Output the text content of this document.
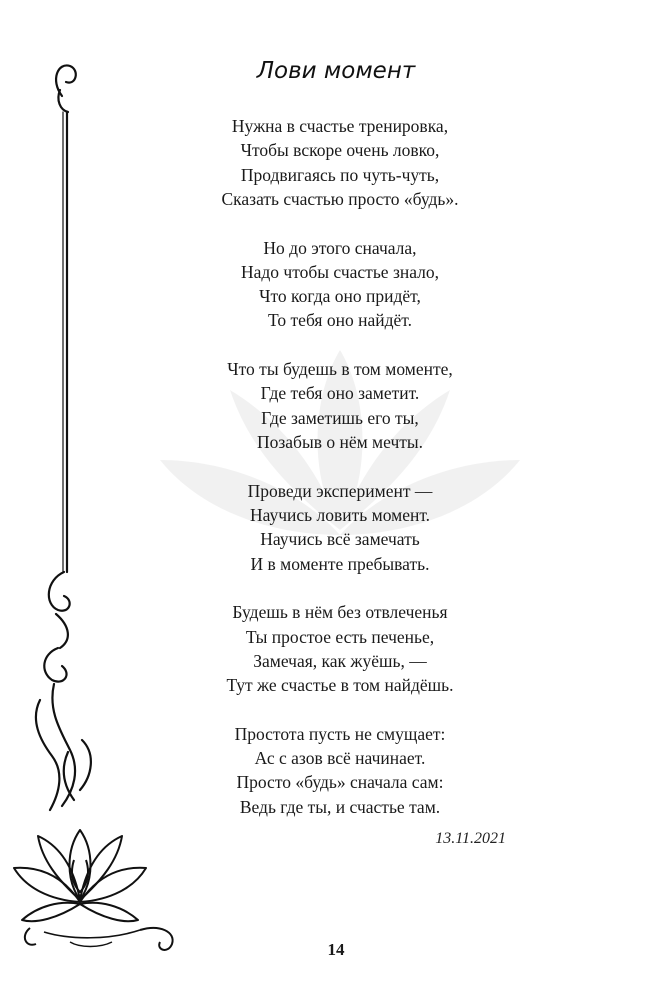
Лови момент
Нужна в счастье тренировка,
Чтобы вскоре очень ловко,
Продвигаясь по чуть-чуть,
Сказать счастью просто «будь».
Но до этого сначала,
Надо чтобы счастье знало,
Что когда оно придёт,
То тебя оно найдёт.
Что ты будешь в том моменте,
Где тебя оно заметит.
Где заметишь его ты,
Позабыв о нём мечты.
Проведи эксперимент —
Научись ловить момент.
Научись всё замечать
И в моменте пребывать.
Будешь в нём без отвлеченья
Ты простое есть печенье,
Замечая, как жуёшь, —
Тут же счастье в том найдёшь.
Простота пусть не смущает:
Ас с азов всё начинает.
Просто «будь» сначала сам:
Ведь где ты, и счастье там.
13.11.2021
14
